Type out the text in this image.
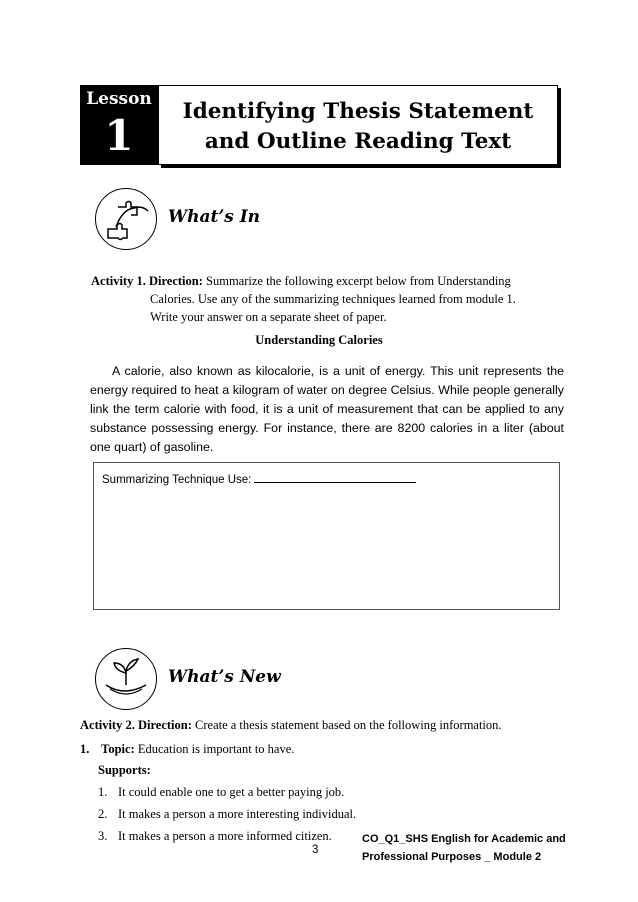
Lesson
1	Identifying Thesis Statement
and Outline Reading Text
What’s In
Activity 1. Direction: Summarize the following excerpt below from Understanding
Calories. Use any of the summarizing techniques learned from module 1.
Write your answer on a separate sheet of paper.
Understanding Calories

A calorie, also known as kilocalorie, is a unit of energy. This unit represents the energy required to heat a kilogram of water on degree Celsius. While people generally link the term calorie with food, it is a unit of measurement that can be applied to any substance possessing energy. For instance, there are 8200 calories in a liter (about one quart) of gasoline.

Summarizing Technique Use:
What’s New
Activity 2. Direction: Create a thesis statement based on the following information.
1. Topic: Education is important to have.
Supports:
1. It could enable one to get a better paying job.
2. It makes a person a more interesting individual.
3. It makes a person a more informed citizen.
3
CO_Q1_SHS English for Academic and
Professional Purposes _ Module 2
